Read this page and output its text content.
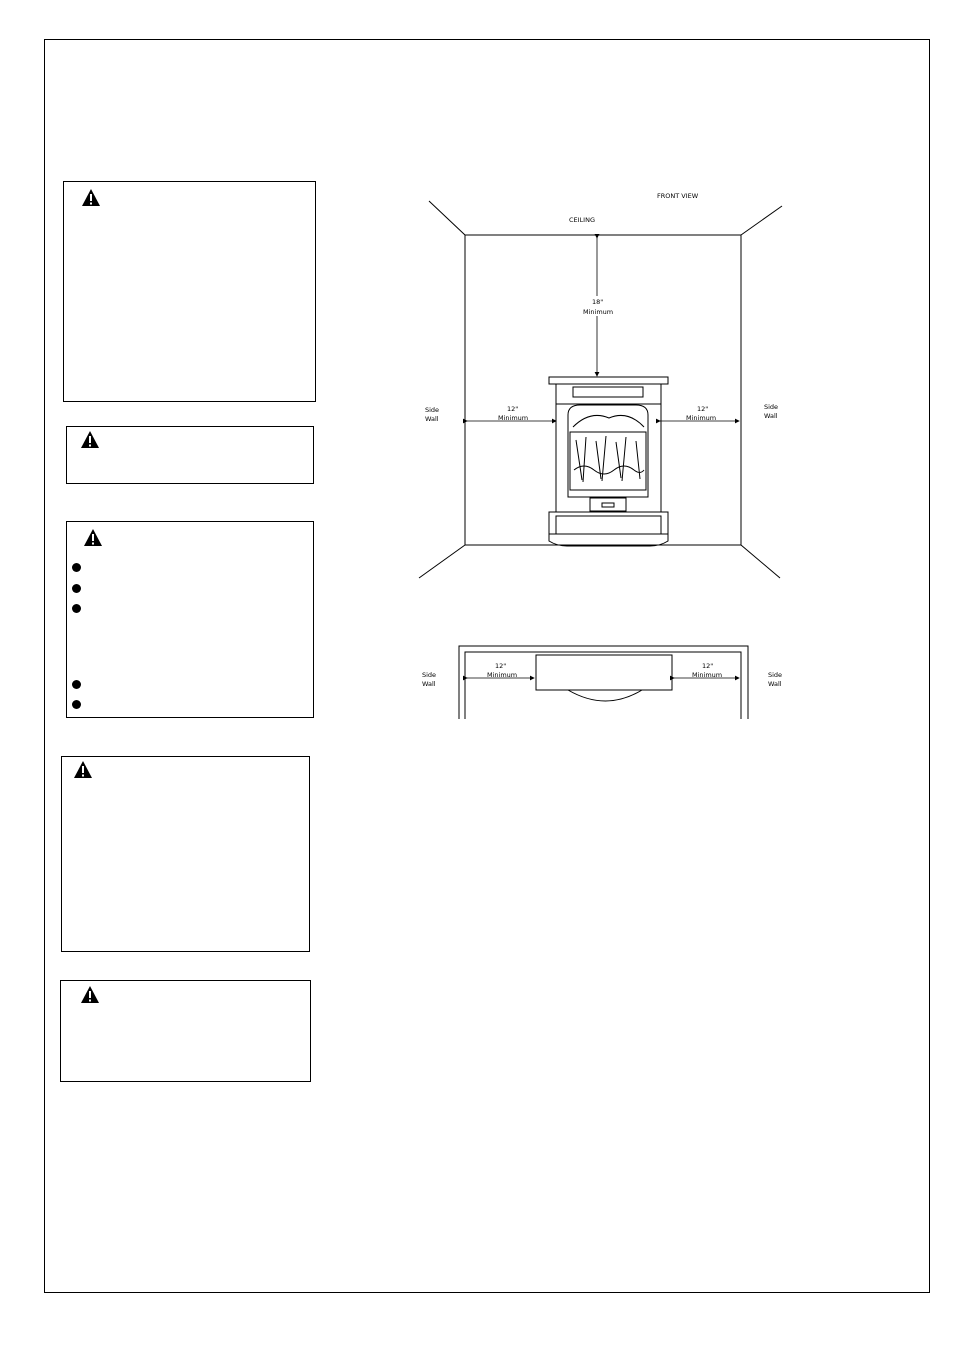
FRONT VIEW
CEILING
18"
Minimum
12"
Minimum
12"
Minimum
Side
Wall
Side
Wall
12"
Minimum
12"
Minimum
Side
Wall
Side
Wall
